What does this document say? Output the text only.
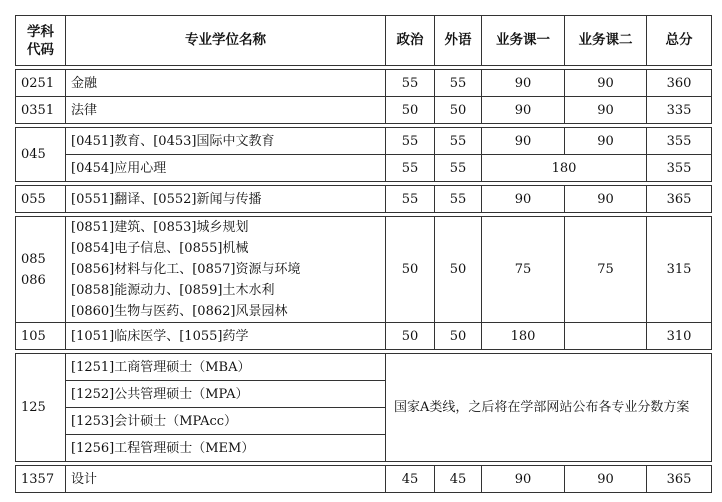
学科
代码	专业学位名称	政治	外语	业务课一	业务课二	总分

0251	金融	55	55	90	90	360
0351	法律	50	50	90	90	335

045	[0451]教育、[0453]国际中文教育	55	55	90	90	355
	[0454]应用心理	55	55	180		355

055	[0551]翻译、[0552]新闻与传播	55	55	90	90	365

085
086	[0851]建筑、[0853]城乡规划
[0854]电子信息、[0855]机械
[0856]材料与化工、[0857]资源与环境
[0858]能源动力、[0859]土木水利
[0860]生物与医药、[0862]风景园林	50	50	75	75	315
105	[1051]临床医学、[1055]药学	50	50	180		310

125	[1251]工商管理硕士（MBA）	国家A类线，之后将在学部网站公布各专业分数方案				
	[1252]公共管理硕士（MPA）					
	[1253]会计硕士（MPAcc）					
	[1256]工程管理硕士（MEM）					

1357	设计	45	45	90	90	365
